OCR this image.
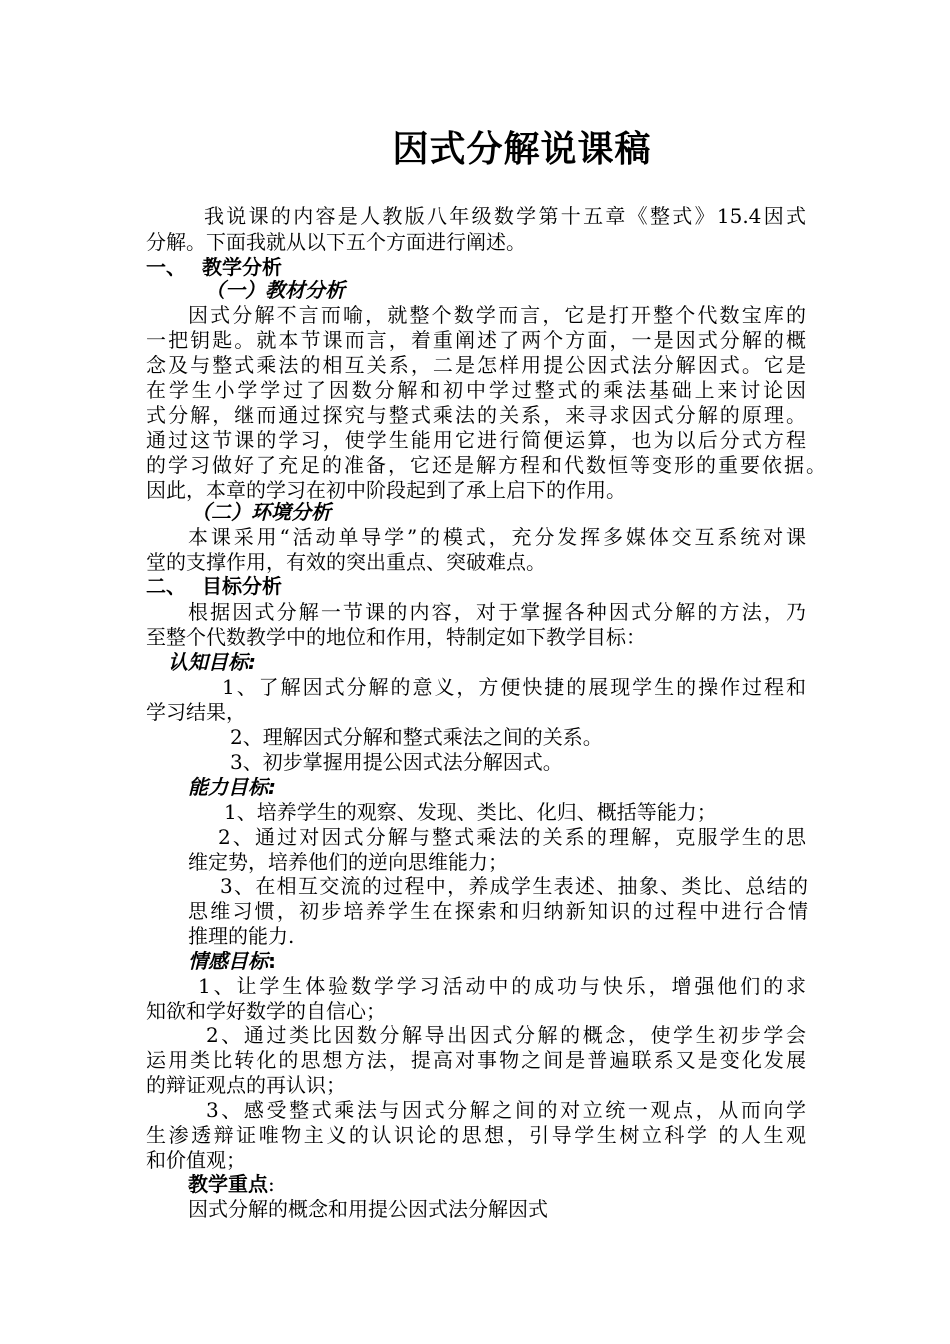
因式分解说课稿
我说课的内容是人教版八年级数学第十五章《整式》15.4因式
分解。下面我就从以下五个方面进行阐述。
一、 教学分析
（一）教材分析
因式分解不言而喻，就整个数学而言，它是打开整个代数宝库的
一把钥匙。就本节课而言，着重阐述了两个方面，一是因式分解的概
念及与整式乘法的相互关系，二是怎样用提公因式法分解因式。它是
在学生小学学过了因数分解和初中学过整式的乘法基础上来讨论因
式分解，继而通过探究与整式乘法的关系，来寻求因式分解的原理。
通过这节课的学习，使学生能用它进行简便运算，也为以后分式方程
的学习做好了充足的准备，它还是解方程和代数恒等变形的重要依据。
因此，本章的学习在初中阶段起到了承上启下的作用。
（二）环境分析
本课采用“活动单导学”的模式，充分发挥多媒体交互系统对课
堂的支撑作用，有效的突出重点、突破难点。
二、 目标分析
根据因式分解一节课的内容，对于掌握各种因式分解的方法，乃
至整个代数教学中的地位和作用，特制定如下教学目标：
认知目标:
1、了解因式分解的意义，方便快捷的展现学生的操作过程和
学习结果，
2、理解因式分解和整式乘法之间的关系。
3、初步掌握用提公因式法分解因式。
能力目标:
1、培养学生的观察、发现、类比、化归、概括等能力；
2、通过对因式分解与整式乘法的关系的理解，克服学生的思
维定势，培养他们的逆向思维能力；
3、在相互交流的过程中，养成学生表述、抽象、类比、总结的
思维习惯，初步培养学生在探索和归纳新知识的过程中进行合情
推理的能力.
情感目标:
1、让学生体验数学学习活动中的成功与快乐，增强他们的求
知欲和学好数学的自信心；
2、通过类比因数分解导出因式分解的概念，使学生初步学会
运用类比转化的思想方法，提高对事物之间是普遍联系又是变化发展
的辩证观点的再认识；
3、感受整式乘法与因式分解之间的对立统一观点，从而向学
生渗透辩证唯物主义的认识论的思想，引导学生树立科学 的人生观
和价值观；
教学重点:
因式分解的概念和用提公因式法分解因式
